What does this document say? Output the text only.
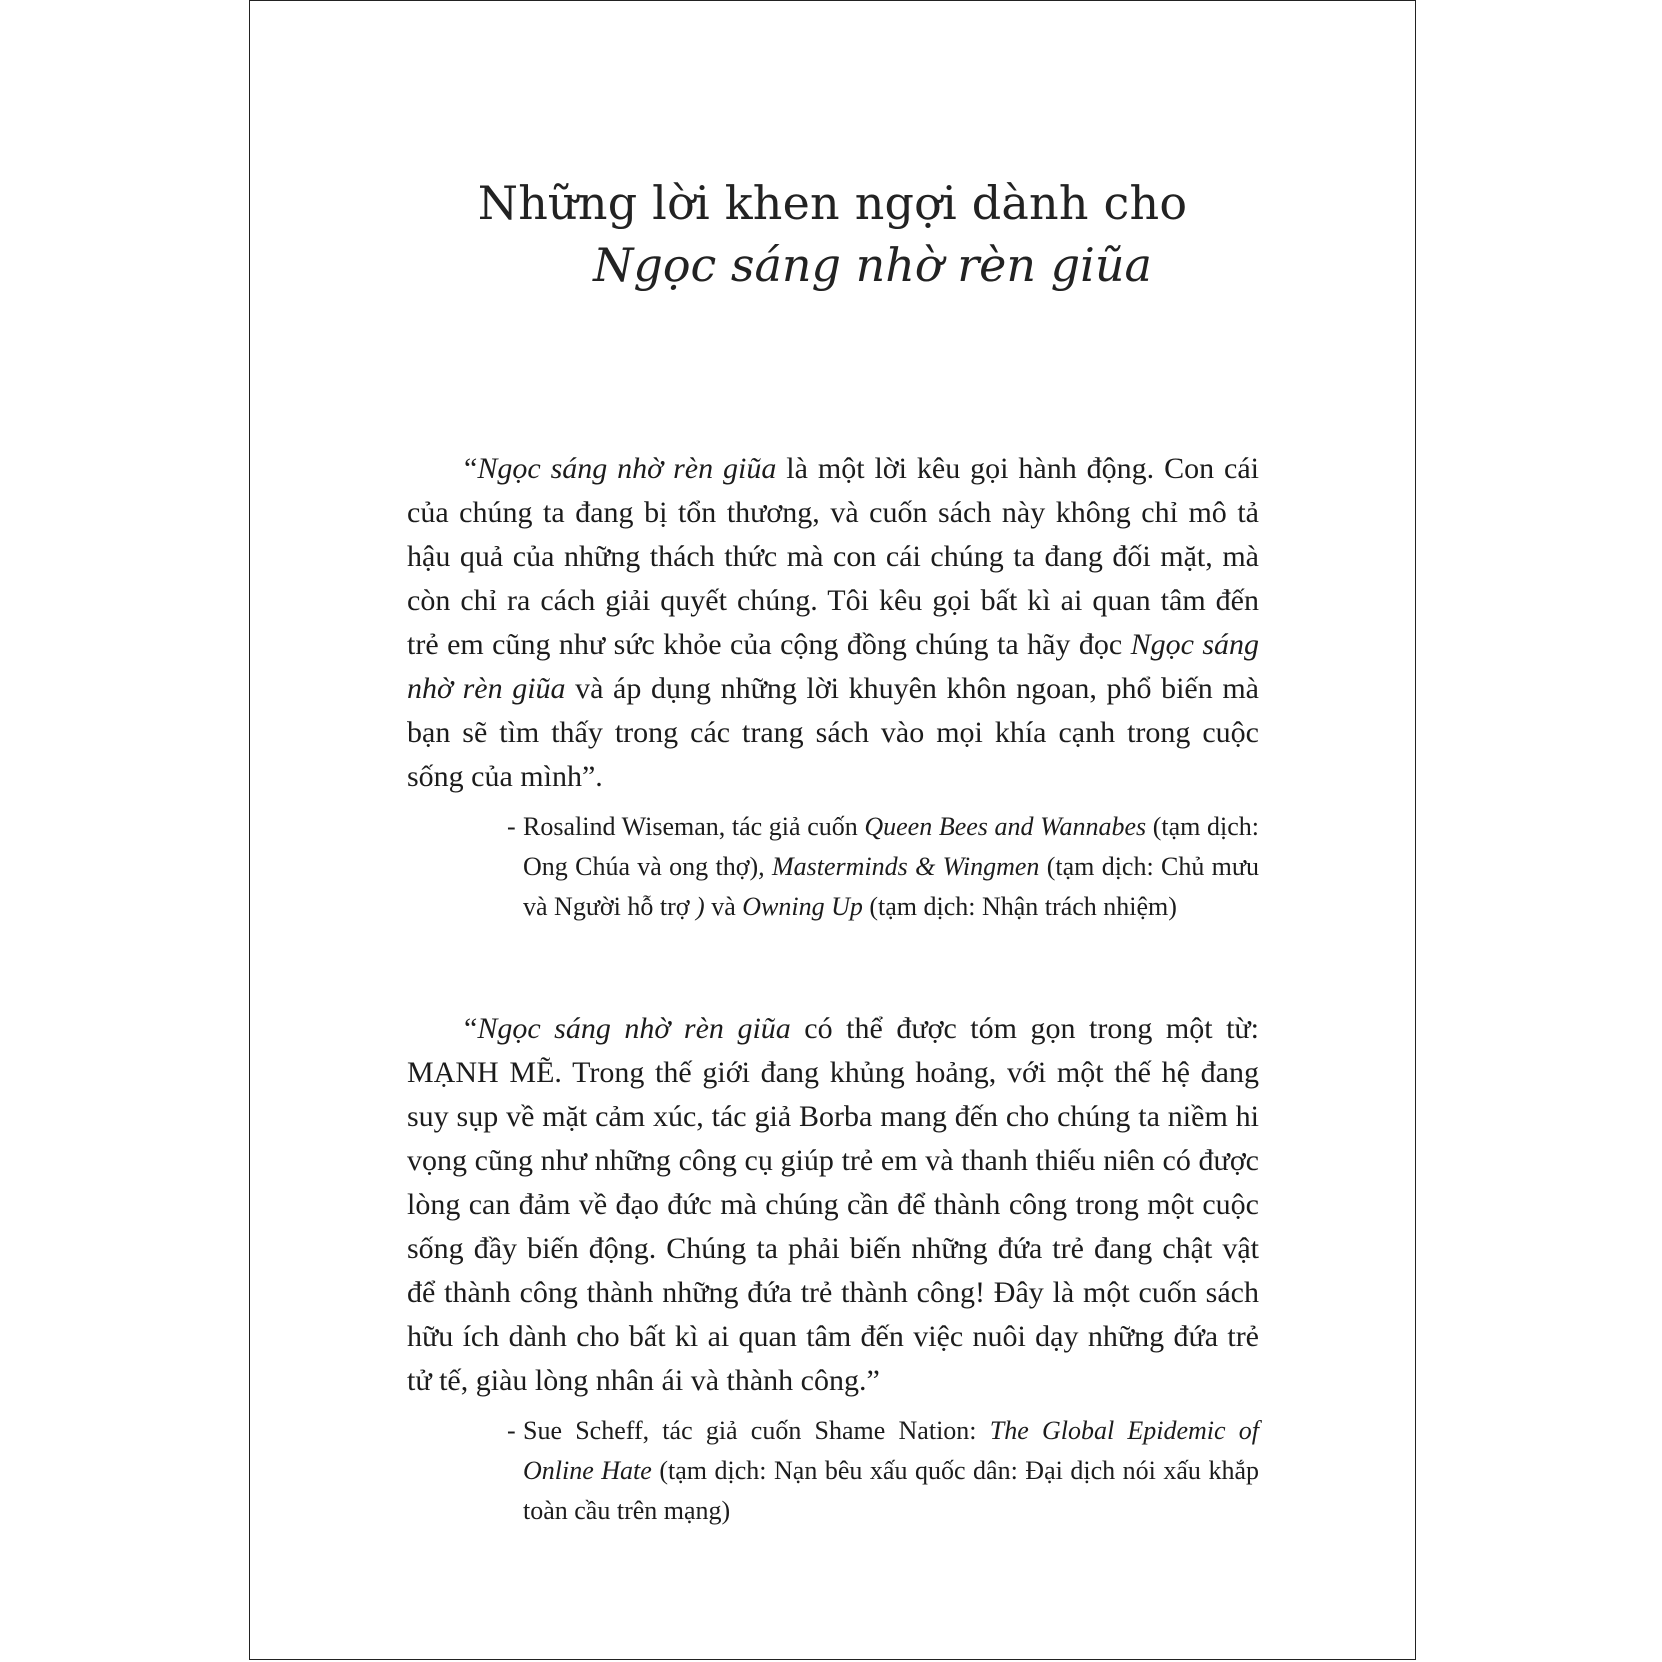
Những lời khen ngợi dành cho
Ngọc sáng nhờ rèn giũa

“Ngọc sáng nhờ rèn giũa là một lời kêu gọi hành động. Con cái của chúng ta đang bị tổn thương, và cuốn sách này không chỉ mô tả hậu quả của những thách thức mà con cái chúng ta đang đối mặt, mà còn chỉ ra cách giải quyết chúng. Tôi kêu gọi bất kì ai quan tâm đến trẻ em cũng như sức khỏe của cộng đồng chúng ta hãy đọc Ngọc sáng nhờ rèn giũa và áp dụng những lời khuyên khôn ngoan, phổ biến mà bạn sẽ tìm thấy trong các trang sách vào mọi khía cạnh trong cuộc sống của mình”.

- Rosalind Wiseman, tác giả cuốn Queen Bees and Wannabes (tạm dịch: Ong Chúa và ong thợ), Masterminds & Wingmen (tạm dịch: Chủ mưu và Người hỗ trợ ) và Owning Up (tạm dịch: Nhận trách nhiệm)

“Ngọc sáng nhờ rèn giũa có thể được tóm gọn trong một từ: MẠNH MẼ. Trong thế giới đang khủng hoảng, với một thế hệ đang suy sụp về mặt cảm xúc, tác giả Borba mang đến cho chúng ta niềm hi vọng cũng như những công cụ giúp trẻ em và thanh thiếu niên có được lòng can đảm về đạo đức mà chúng cần để thành công trong một cuộc sống đầy biến động. Chúng ta phải biến những đứa trẻ đang chật vật để thành công thành những đứa trẻ thành công! Đây là một cuốn sách hữu ích dành cho bất kì ai quan tâm đến việc nuôi dạy những đứa trẻ tử tế, giàu lòng nhân ái và thành công.”

- Sue Scheff, tác giả cuốn Shame Nation: The Global Epidemic of Online Hate (tạm dịch: Nạn bêu xấu quốc dân: Đại dịch nói xấu khắp toàn cầu trên mạng)
